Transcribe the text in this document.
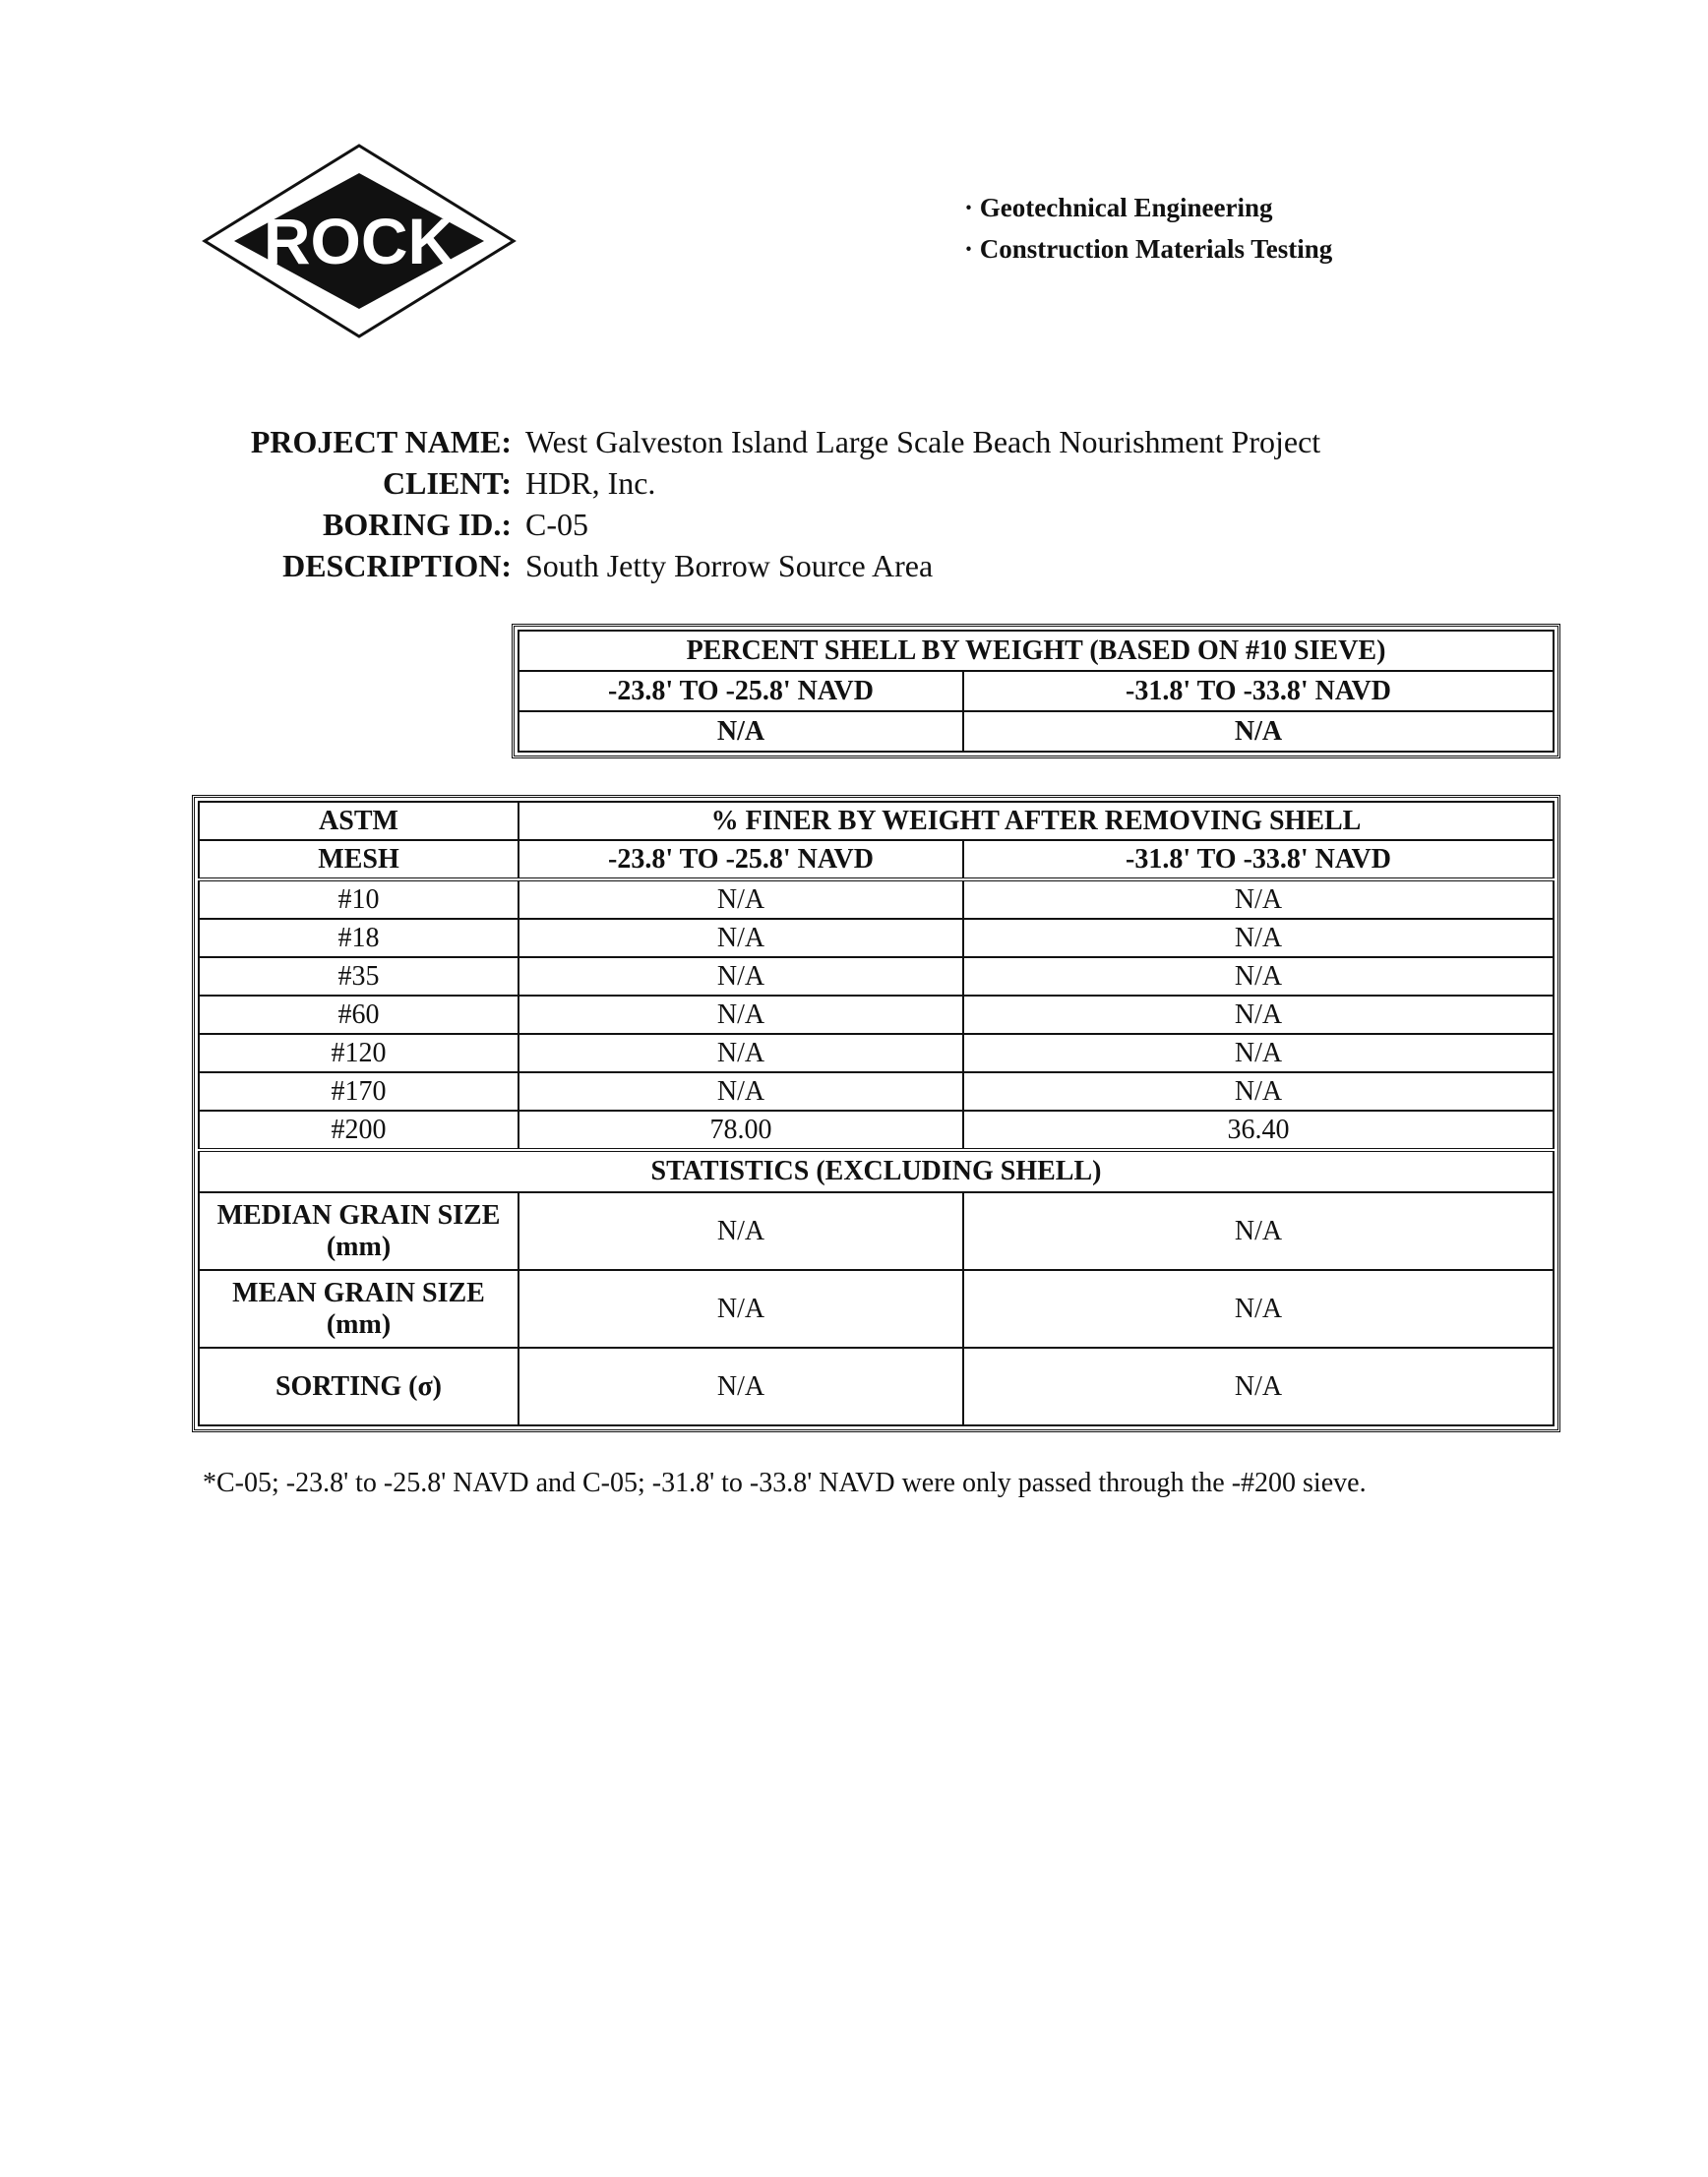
ROCK	· Geotechnical Engineering
· Construction Materials Testing
PROJECT NAME: West Galveston Island Large Scale Beach Nourishment Project
CLIENT: HDR, Inc.
BORING ID.: C-05
DESCRIPTION: South Jetty Borrow Source Area
PERCENT SHELL BY WEIGHT (BASED ON #10 SIEVE)	
-23.8' TO -25.8' NAVD	-31.8' TO -33.8' NAVD
N/A	N/A
ASTM	% FINER BY WEIGHT AFTER REMOVING SHELL	
MESH	-23.8' TO -25.8' NAVD	-31.8' TO -33.8' NAVD
#10	N/A	N/A
#18	N/A	N/A
#35	N/A	N/A
#60	N/A	N/A
#120	N/A	N/A
#170	N/A	N/A
#200	78.00	36.40
STATISTICS (EXCLUDING SHELL)		

MEDIAN GRAIN SIZE
(mm)	N/A	N/A

MEAN GRAIN SIZE
(mm)	N/A	N/A
SORTING (σ)	N/A	N/A
*C-05; -23.8' to -25.8' NAVD and C-05; -31.8' to -33.8' NAVD were only passed through the -#200 sieve.
